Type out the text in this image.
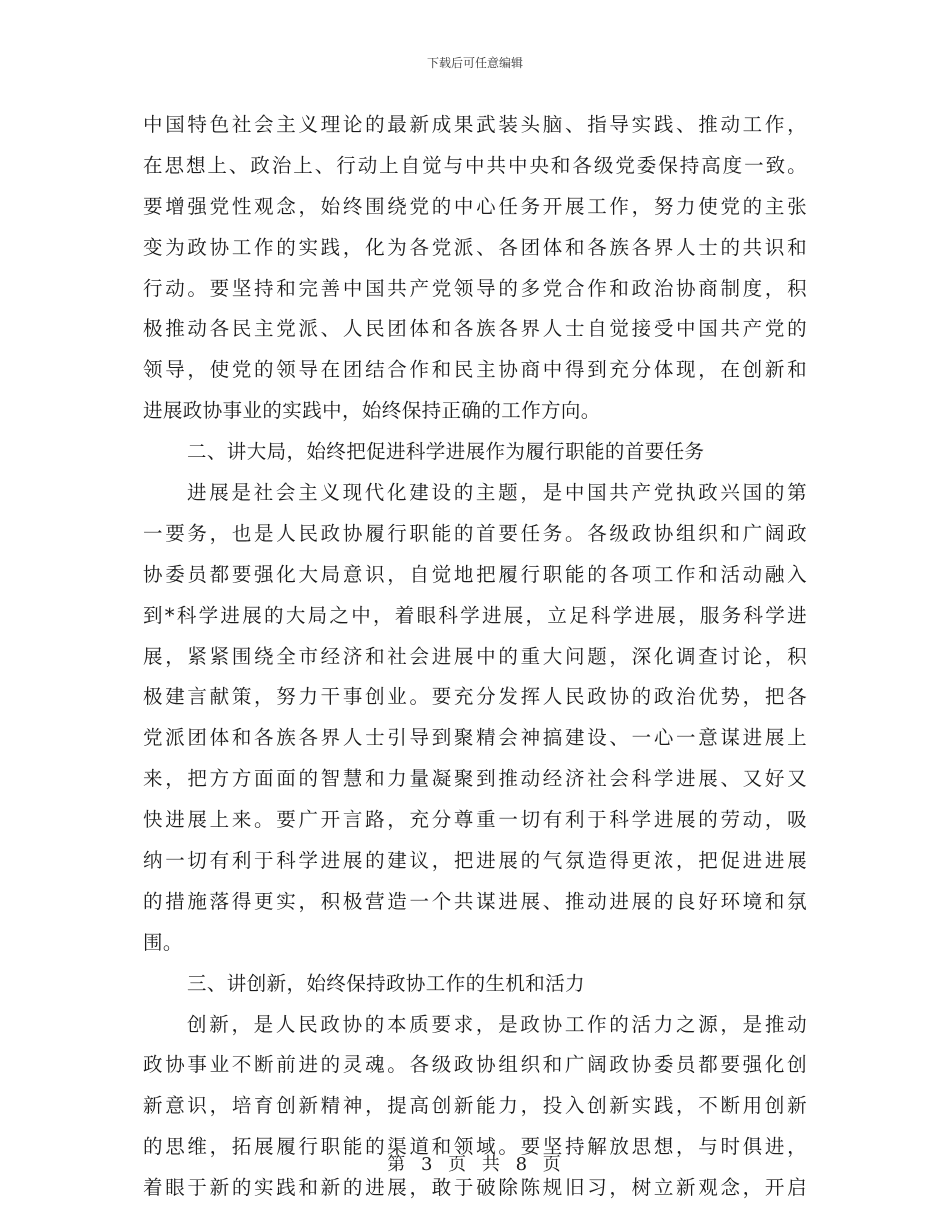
下载后可任意编辑
中国特色社会主义理论的最新成果武装头脑、指导实践、推动工作，
在思想上、政治上、行动上自觉与中共中央和各级党委保持高度一致。
要增强党性观念，始终围绕党的中心任务开展工作，努力使党的主张
变为政协工作的实践，化为各党派、各团体和各族各界人士的共识和
行动。要坚持和完善中国共产党领导的多党合作和政治协商制度，积
极推动各民主党派、人民团体和各族各界人士自觉接受中国共产党的
领导，使党的领导在团结合作和民主协商中得到充分体现，在创新和
进展政协事业的实践中，始终保持正确的工作方向。
二、讲大局，始终把促进科学进展作为履行职能的首要任务
进展是社会主义现代化建设的主题，是中国共产党执政兴国的第
一要务，也是人民政协履行职能的首要任务。各级政协组织和广阔政
协委员都要强化大局意识，自觉地把履行职能的各项工作和活动融入
到*科学进展的大局之中，着眼科学进展，立足科学进展，服务科学进
展，紧紧围绕全市经济和社会进展中的重大问题，深化调查讨论，积
极建言献策，努力干事创业。要充分发挥人民政协的政治优势，把各
党派团体和各族各界人士引导到聚精会神搞建设、一心一意谋进展上
来，把方方面面的智慧和力量凝聚到推动经济社会科学进展、又好又
快进展上来。要广开言路，充分尊重一切有利于科学进展的劳动，吸
纳一切有利于科学进展的建议，把进展的气氛造得更浓，把促进进展
的措施落得更实，积极营造一个共谋进展、推动进展的良好环境和氛
围。
三、讲创新，始终保持政协工作的生机和活力
创新，是人民政协的本质要求，是政协工作的活力之源，是推动
政协事业不断前进的灵魂。各级政协组织和广阔政协委员都要强化创
新意识，培育创新精神，提高创新能力，投入创新实践，不断用创新
的思维，拓展履行职能的渠道和领域。要坚持解放思想，与时俱进，
着眼于新的实践和新的进展，敢于破除陈规旧习，树立新观念，开启
第 3 页 共 8 页
